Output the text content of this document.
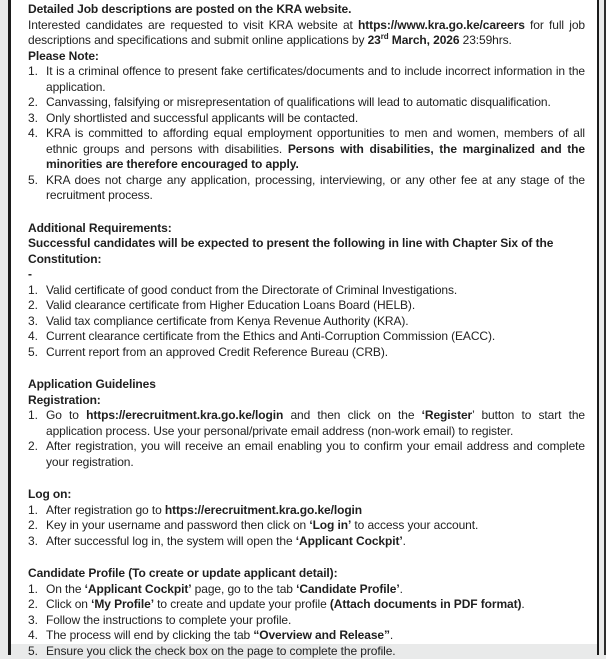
Detailed Job descriptions are posted on the KRA website.
Interested candidates are requested to visit KRA website at https://www.kra.go.ke/careers for full job descriptions and specifications and submit online applications by 23rd March, 2026 23:59hrs.
Please Note:
1. It is a criminal offence to present fake certificates/documents and to include incorrect information in the application.
2. Canvassing, falsifying or misrepresentation of qualifications will lead to automatic disqualification.
3. Only shortlisted and successful applicants will be contacted.
4. KRA is committed to affording equal employment opportunities to men and women, members of all ethnic groups and persons with disabilities. Persons with disabilities, the marginalized and the minorities are therefore encouraged to apply.
5. KRA does not charge any application, processing, interviewing, or any other fee at any stage of the recruitment process.
Additional Requirements:
Successful candidates will be expected to present the following in line with Chapter Six of the Constitution:
-
1. Valid certificate of good conduct from the Directorate of Criminal Investigations.
2. Valid clearance certificate from Higher Education Loans Board (HELB).
3. Valid tax compliance certificate from Kenya Revenue Authority (KRA).
4. Current clearance certificate from the Ethics and Anti-Corruption Commission (EACC).
5. Current report from an approved Credit Reference Bureau (CRB).
Application Guidelines
Registration:
1. Go to https://erecruitment.kra.go.ke/login and then click on the ‘Register’ button to start the application process. Use your personal/private email address (non-work email) to register.
2. After registration, you will receive an email enabling you to confirm your email address and complete your registration.
Log on:
1. After registration go to https://erecruitment.kra.go.ke/login
2. Key in your username and password then click on ‘Log in’ to access your account.
3. After successful log in, the system will open the ‘Applicant Cockpit’.
Candidate Profile (To create or update applicant detail):
1. On the ‘Applicant Cockpit’ page, go to the tab ‘Candidate Profile’.
2. Click on ‘My Profile’ to create and update your profile (Attach documents in PDF format).
3. Follow the instructions to complete your profile.
4. The process will end by clicking the tab “Overview and Release”.
5. Ensure you click the check box on the page to complete the profile.
